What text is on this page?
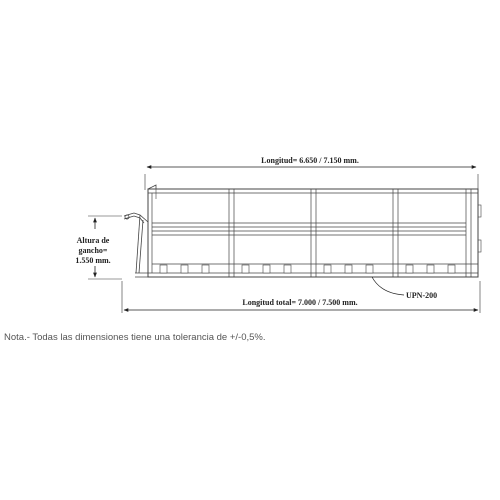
Longitud= 6.650 / 7.150 mm.
Altura de
gancho=
1.550 mm.
Longitud total= 7.000 / 7.500 mm.
UPN-200
Nota.- Todas las dimensiones tiene una tolerancia de +/-0,5%.
